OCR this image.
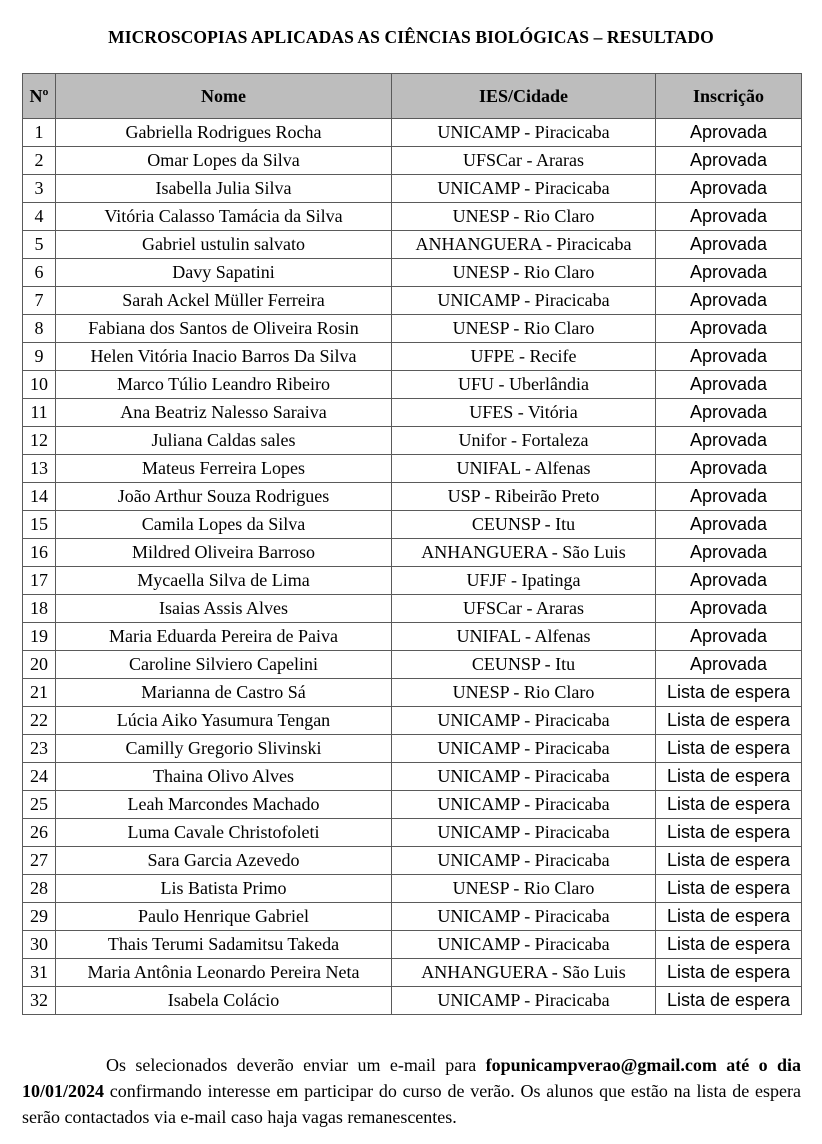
MICROSCOPIAS APLICADAS AS CIÊNCIAS BIOLÓGICAS – RESULTADO
Nº	Nome	IES/Cidade	Inscrição
1	Gabriella Rodrigues Rocha	UNICAMP - Piracicaba	Aprovada
2	Omar Lopes da Silva	UFSCar - Araras	Aprovada
3	Isabella Julia Silva	UNICAMP - Piracicaba	Aprovada
4	Vitória Calasso Tamácia da Silva	UNESP - Rio Claro	Aprovada
5	Gabriel ustulin salvato	ANHANGUERA - Piracicaba	Aprovada
6	Davy Sapatini	UNESP - Rio Claro	Aprovada
7	Sarah Ackel Müller Ferreira	UNICAMP - Piracicaba	Aprovada
8	Fabiana dos Santos de Oliveira Rosin	UNESP - Rio Claro	Aprovada
9	Helen Vitória Inacio Barros Da Silva	UFPE - Recife	Aprovada
10	Marco Túlio Leandro Ribeiro	UFU - Uberlândia	Aprovada
11	Ana Beatriz Nalesso Saraiva	UFES - Vitória	Aprovada
12	Juliana Caldas sales	Unifor - Fortaleza	Aprovada
13	Mateus Ferreira Lopes	UNIFAL - Alfenas	Aprovada
14	João Arthur Souza Rodrigues	USP - Ribeirão Preto	Aprovada
15	Camila Lopes da Silva	CEUNSP - Itu	Aprovada
16	Mildred Oliveira Barroso	ANHANGUERA - São Luis	Aprovada
17	Mycaella Silva de Lima	UFJF - Ipatinga	Aprovada
18	Isaias Assis Alves	UFSCar - Araras	Aprovada
19	Maria Eduarda Pereira de Paiva	UNIFAL - Alfenas	Aprovada
20	Caroline Silviero Capelini	CEUNSP - Itu	Aprovada
21	Marianna de Castro Sá	UNESP - Rio Claro	Lista de espera
22	Lúcia Aiko Yasumura Tengan	UNICAMP - Piracicaba	Lista de espera
23	Camilly Gregorio Slivinski	UNICAMP - Piracicaba	Lista de espera
24	Thaina Olivo Alves	UNICAMP - Piracicaba	Lista de espera
25	Leah Marcondes Machado	UNICAMP - Piracicaba	Lista de espera
26	Luma Cavale Christofoleti	UNICAMP - Piracicaba	Lista de espera
27	Sara Garcia Azevedo	UNICAMP - Piracicaba	Lista de espera
28	Lis Batista Primo	UNESP - Rio Claro	Lista de espera
29	Paulo Henrique Gabriel	UNICAMP - Piracicaba	Lista de espera
30	Thais Terumi Sadamitsu Takeda	UNICAMP - Piracicaba	Lista de espera
31	Maria Antônia Leonardo Pereira Neta	ANHANGUERA - São Luis	Lista de espera
32	Isabela Colácio	UNICAMP - Piracicaba	Lista de espera

Os selecionados deverão enviar um e-mail para fopunicampverao@gmail.com até o dia 10/01/2024 confirmando interesse em participar do curso de verão. Os alunos que estão na lista de espera serão contactados via e-mail caso haja vagas remanescentes.
